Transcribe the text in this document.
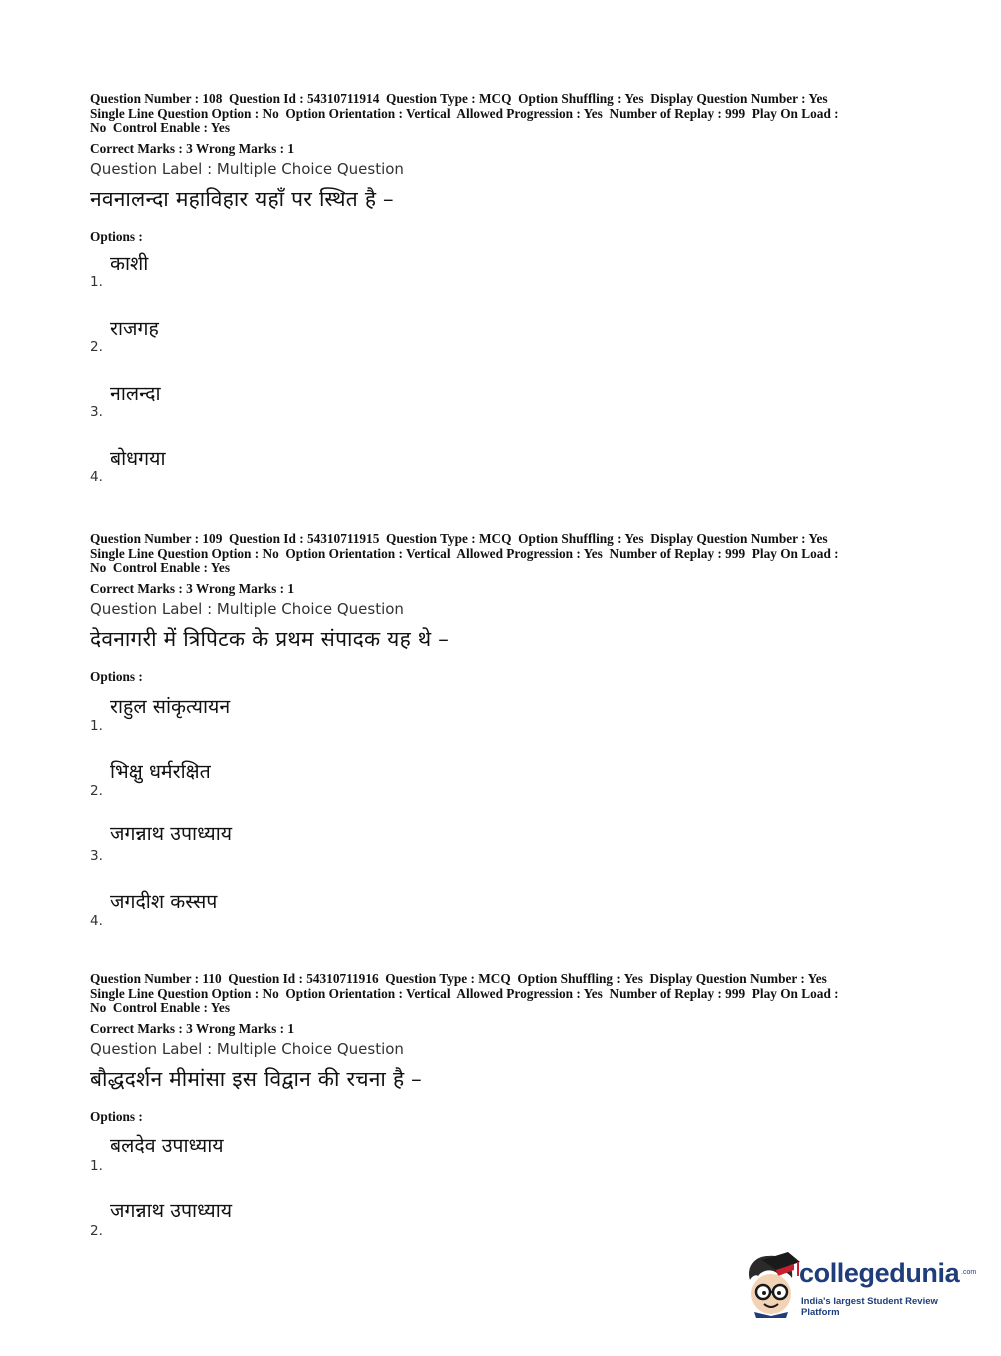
Question Number : 108  Question Id : 54310711914  Question Type : MCQ  Option Shuffling : Yes  Display Question Number : Yes
Single Line Question Option : No  Option Orientation : Vertical  Allowed Progression : Yes  Number of Replay : 999  Play On Load :
No  Control Enable : Yes
Correct Marks : 3 Wrong Marks : 1
Question Label : Multiple Choice Question
नवनालन्दा महाविहार यहाँ पर स्थित है –
Options :
काशी
1.
राजगह
2.
नालन्दा
3.
बोधगया
4.
Question Number : 109  Question Id : 54310711915  Question Type : MCQ  Option Shuffling : Yes  Display Question Number : Yes
Single Line Question Option : No  Option Orientation : Vertical  Allowed Progression : Yes  Number of Replay : 999  Play On Load :
No  Control Enable : Yes
Correct Marks : 3 Wrong Marks : 1
Question Label : Multiple Choice Question
देवनागरी में त्रिपिटक के प्रथम संपादक यह थे –
Options :
राहुल सांकृत्यायन
1.
भिक्षु धर्मरक्षित
2.
जगन्नाथ उपाध्याय
3.
जगदीश कस्सप
4.
Question Number : 110  Question Id : 54310711916  Question Type : MCQ  Option Shuffling : Yes  Display Question Number : Yes
Single Line Question Option : No  Option Orientation : Vertical  Allowed Progression : Yes  Number of Replay : 999  Play On Load :
No  Control Enable : Yes
Correct Marks : 3 Wrong Marks : 1
Question Label : Multiple Choice Question
बौद्धदर्शन मीमांसा इस विद्वान की रचना है –
Options :
बलदेव उपाध्याय
1.
जगन्नाथ उपाध्याय
2.
collegedunia .com
India's largest Student Review Platform
